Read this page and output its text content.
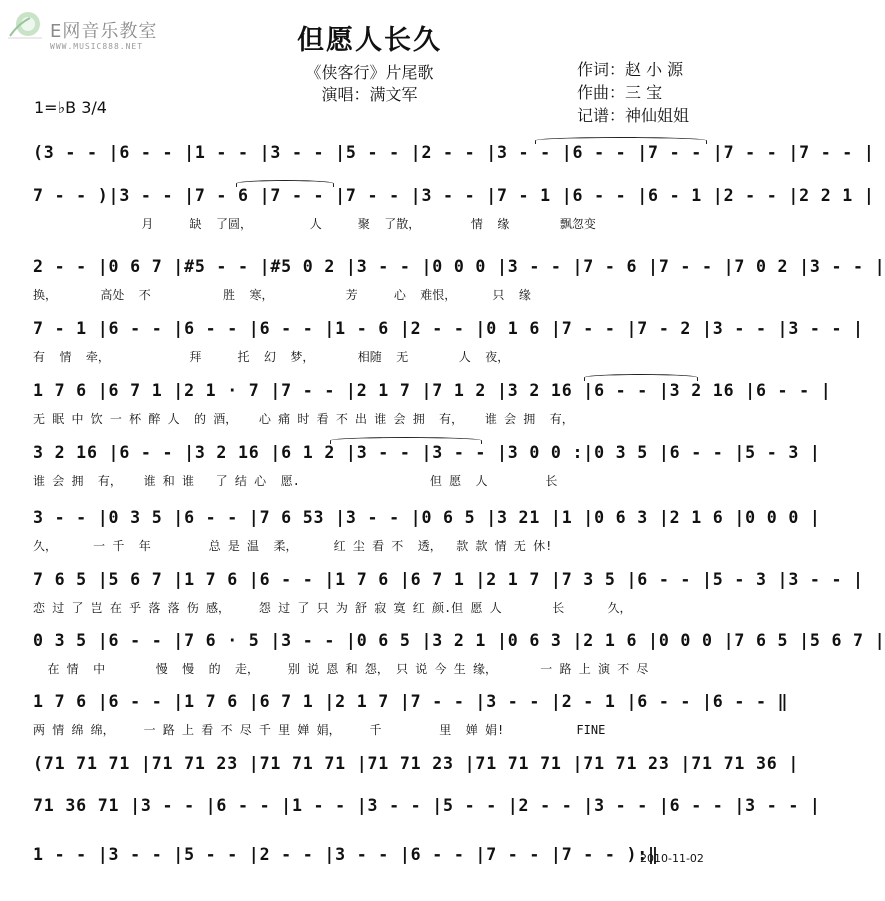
E网音乐教室
WWW.MUSIC888.NET	但愿人长久
《侠客行》片尾歌
演唱：满文军
作词：赵 小 源
作曲：三 宝
记谱：神仙姐姐
1=♭B 3/4
(3 - - |6 - - |1 - - |3 - - |5 - - |2 - - |3 - - |6 - - |7 - - |7 - - |7 - - |
7 - - )|3 - - |7 - 6 |7 - - |7 - - |3 - - |7 - 1 |6 - - |6 - 1 |2 - - |2 2 1 |
月     缺  了圆，        人     聚  了散，       情  缘       飘忽变
2 - - |0 6 7 |#5 - - |#5 0 2 |3 - - |0 0 0 |3 - - |7 - 6 |7 - - |7 0 2 |3 - - |
换，      高处  不          胜  寒，          芳     心  难恨，     只  缘
7 - 1 |6 - - |6 - - |6 - - |1 - 6 |2 - - |0 1 6 |7 - - |7 - 2 |3 - - |3 - - |
有  情  牵，           拜     托  幻  梦，      相随  无       人  夜，
1 7 6 |6 7 1 |2 1 · 7 |7 - - |2 1 7 |7 1 2 |3 2 16 |6 - - |3 2 16 |6 - - |
无 眠 中 饮 一 杯 醉 人  的 酒，   心 痛 时 看 不 出 谁 会 拥  有，   谁 会 拥  有，
3 2 16 |6 - - |3 2 16 |6 1 2 |3 - - |3 - - |3 0 0 :|0 3 5 |6 - - |5 - 3 |
谁 会 拥  有，   谁 和 谁   了 结 心  愿.                  但 愿  人        长
3 - - |0 3 5 |6 - - |7 6 53 |3 - - |0 6 5 |3 21 |1 |0 6 3 |2 1 6 |0 0 0 |
久，     一 千  年        总 是 温  柔，     红 尘 看 不  透，  款 款 情 无 休!
7 6 5 |5 6 7 |1 7 6 |6 - - |1 7 6 |6 7 1 |2 1 7 |7 3 5 |6 - - |5 - 3 |3 - - |
恋 过 了 岂 在 乎 落 落 伤 感，    怨 过 了 只 为 舒 寂 寞 红 颜.但 愿 人       长      久，
0 3 5 |6 - - |7 6 · 5 |3 - - |0 6 5 |3 2 1 |0 6 3 |2 1 6 |0 0 0 |7 6 5 |5 6 7 |
在 情  中       慢  慢  的  走，    别 说 恩 和 怨， 只 说 今 生 缘，      一 路 上 演 不 尽
1 7 6 |6 - - |1 7 6 |6 7 1 |2 1 7 |7 - - |3 - - |2 - 1 |6 - - |6 - - ‖
两 情 绵 绵，    一 路 上 看 不 尽 千 里 婵 娟，    千        里  婵 娟!          FINE
(71 71 71 |71 71 23 |71 71 71 |71 71 23 |71 71 71 |71 71 23 |71 71 36 |
71 36 71 |3 - - |6 - - |1 - - |3 - - |5 - - |2 - - |3 - - |6 - - |3 - - |
1 - - |3 - - |5 - - |2 - - |3 - - |6 - - |7 - - |7 - - ):‖
2010-11-02
